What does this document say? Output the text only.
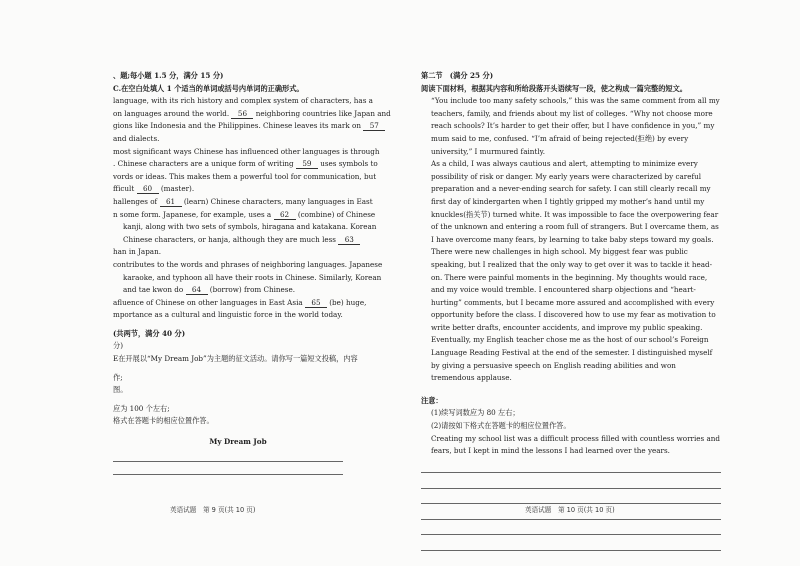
、题;每小题 1.5 分，满分 15 分)

C.在空白处填人 1 个适当的单词或括号内单词的正确形式。

language, with its rich history and complex system of characters, has a

on languages around the world. 56 neighboring countries like Japan and

gions like Indonesia and the Philippines. Chinese leaves its mark on 57

and dialects.

most significant ways Chinese has influenced other languages is through

. Chinese characters are a unique form of writing 59 uses symbols to

vords or ideas. This makes them a powerful tool for communication, but

fficult 60 (master).

hallenges of 61 (learn) Chinese characters, many languages in East

n some form. Japanese, for example, uses a 62 (combine) of Chinese

kanji, along with two sets of symbols, hiragana and katakana. Korean

Chinese characters, or hanja, although they are much less 63

han in Japan.

contributes to the words and phrases of neighboring languages. Japanese

karaoke, and typhoon all have their roots in Chinese. Similarly, Korean

and tae kwon do 64 (borrow) from Chinese.

afluence of Chinese on other languages in East Asia 65 (be) huge,

mportance as a cultural and linguistic force in the world today.

(共两节，满分 40 分)

分)

E在开展以“My Dream Job”为主题的征文活动。请你写一篇短文投稿，内容

作;

图。

应为 100 个左右;

格式在答题卡的相应位置作答。

My Dream Job

英语试题　第 9 页(共 10 页)

第二节　(满分 25 分)

阅读下面材料，根据其内容和所给段落开头语续写一段，使之构成一篇完整的短文。

“You include too many safety schools,” this was the same comment from all my teachers, family, and friends about my list of colleges. “Why not choose more reach schools? It’s harder to get their offer, but I have confidence in you,” my mum said to me, confused. “I’m afraid of being rejected(拒绝) by every university,” I murmured faintly.

As a child, I was always cautious and alert, attempting to minimize every possibility of risk or danger. My early years were characterized by careful preparation and a never-ending search for safety. I can still clearly recall my first day of kindergarten when I tightly gripped my mother’s hand until my knuckles(指关节) turned white. It was impossible to face the overpowering fear of the unknown and entering a room full of strangers. But I overcame them, as I have overcome many fears, by learning to take baby steps toward my goals.

There were new challenges in high school. My biggest fear was public speaking, but I realized that the only way to get over it was to tackle it head-on. There were painful moments in the beginning. My thoughts would race, and my voice would tremble. I encountered sharp objections and “heart-hurting” comments, but I became more assured and accomplished with every opportunity before the class. I discovered how to use my fear as motivation to write better drafts, encounter accidents, and improve my public speaking. Eventually, my English teacher chose me as the host of our school’s Foreign Language Reading Festival at the end of the semester. I distinguished myself by giving a persuasive speech on English reading abilities and won tremendous applause.

注意：

(1)续写词数应为 80 左右；

(2)请按如下格式在答题卡的相应位置作答。

Creating my school list was a difficult process filled with countless worries and fears, but I kept in mind the lessons I had learned over the years.

英语试题　第 10 页(共 10 页)
